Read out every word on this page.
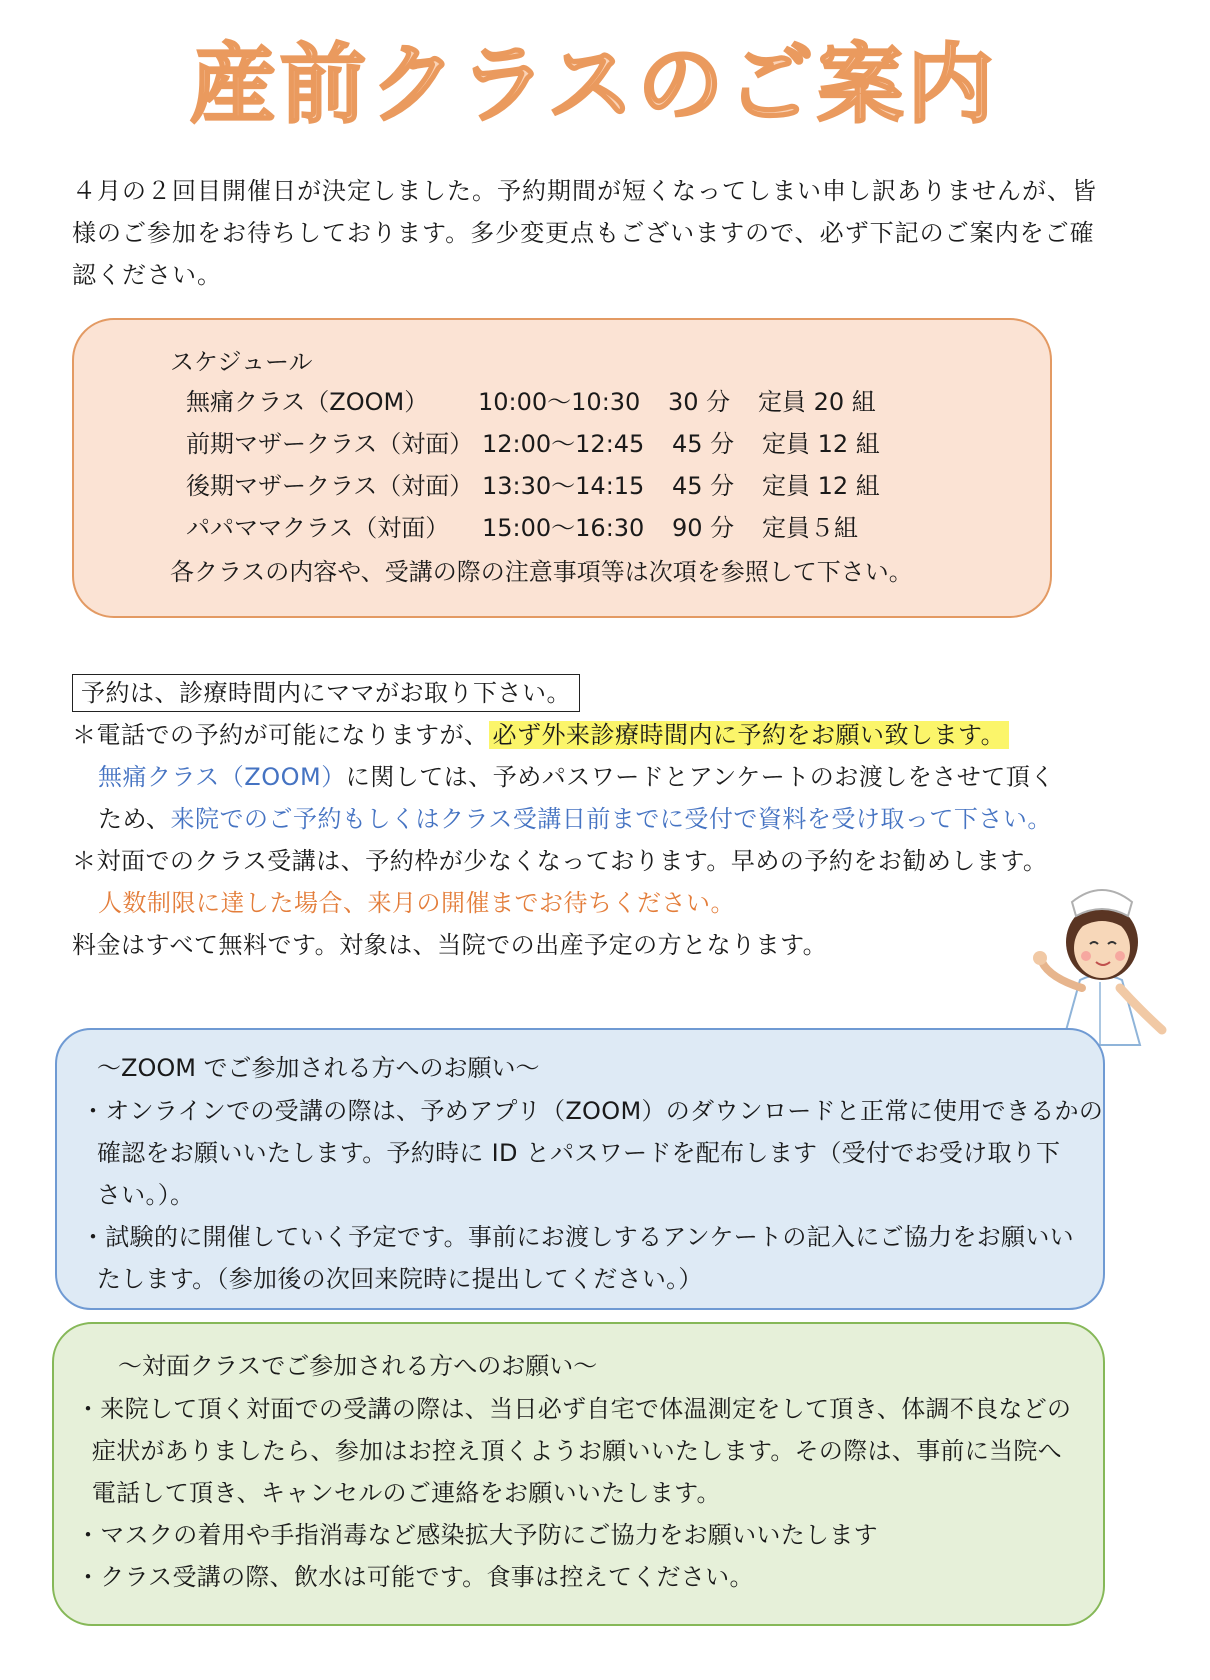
産前クラスのご案内
４月の２回目開催日が決定しました。予約期間が短くなってしまい申し訳ありませんが、皆
様のご参加をお待ちしております。多少変更点もございますので、必ず下記のご案内をご確
認ください。
スケジュール
無痛クラス（ZOOM） 10:00～10:30 30 分 定員 20 組
前期マザークラス（対面） 12:00～12:45 45 分 定員 12 組
後期マザークラス（対面） 13:30～14:15 45 分 定員 12 組
パパママクラス（対面） 15:00～16:30 90 分 定員５組
各クラスの内容や、受講の際の注意事項等は次項を参照して下さい。
予約は、診療時間内にママがお取り下さい。
＊電話での予約が可能になりますが、 必ず外来診療時間内に予約をお願い致します。
無痛クラス（ZOOM）に関しては、予めパスワードとアンケートのお渡しをさせて頂く
ため、来院でのご予約もしくはクラス受講日前までに受付で資料を受け取って下さい。
＊対面でのクラス受講は、予約枠が少なくなっております。早めの予約をお勧めします。
人数制限に達した場合、来月の開催までお待ちください。
料金はすべて無料です。対象は、当院での出産予定の方となります。
～ZOOM でご参加される方へのお願い～
・オンラインでの受講の際は、予めアプリ（ZOOM）のダウンロードと正常に使用できるかの
確認をお願いいたします。予約時に ID とパスワードを配布します（受付でお受け取り下
さい。）。
・試験的に開催していく予定です。事前にお渡しするアンケートの記入にご協力をお願いい
たします。（参加後の次回来院時に提出してください。）
～対面クラスでご参加される方へのお願い～
・来院して頂く対面での受講の際は、当日必ず自宅で体温測定をして頂き、体調不良などの
症状がありましたら、参加はお控え頂くようお願いいたします。その際は、事前に当院へ
電話して頂き、キャンセルのご連絡をお願いいたします。
・マスクの着用や手指消毒など感染拡大予防にご協力をお願いいたします
・クラス受講の際、飲水は可能です。食事は控えてください。
